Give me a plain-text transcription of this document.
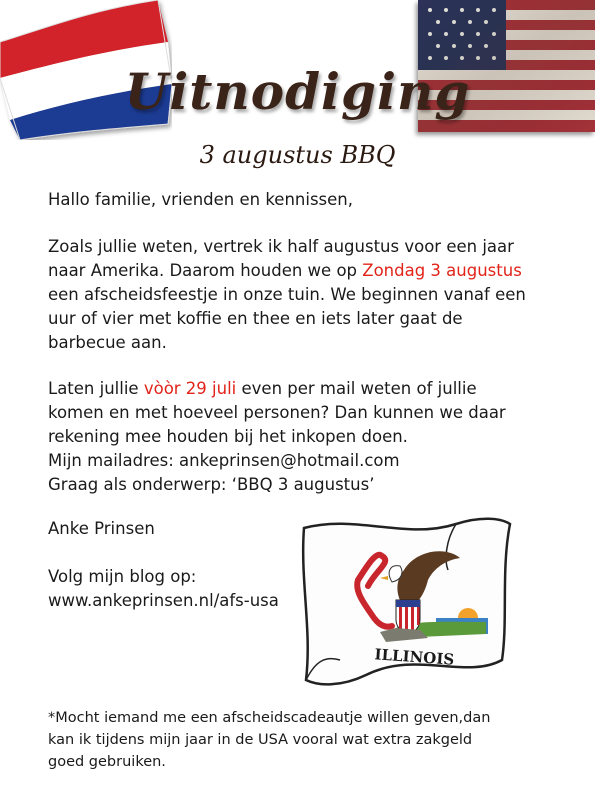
Uitnodiging
3 augustus BBQ

Hallo familie, vrienden en kennissen,

Zoals jullie weten, vertrek ik half augustus voor een jaar
naar Amerika. Daarom houden we op Zondag 3 augustus
een afscheidsfeestje in onze tuin. We beginnen vanaf een
uur of vier met koffie en thee en iets later gaat de
barbecue aan.
Laten jullie vòòr 29 juli even per mail weten of jullie
komen en met hoeveel personen? Dan kunnen we daar
rekening mee houden bij het inkopen doen.
Mijn mailadres: ankeprinsen@hotmail.com
Graag als onderwerp: ‘BBQ 3 augustus’

Anke Prinsen

Volg mijn blog op:
www.ankeprinsen.nl/afs-usa
ILLINOIS
*Mocht iemand me een afscheidscadeautje willen geven,dan
kan ik tijdens mijn jaar in de USA vooral wat extra zakgeld
goed gebruiken.
